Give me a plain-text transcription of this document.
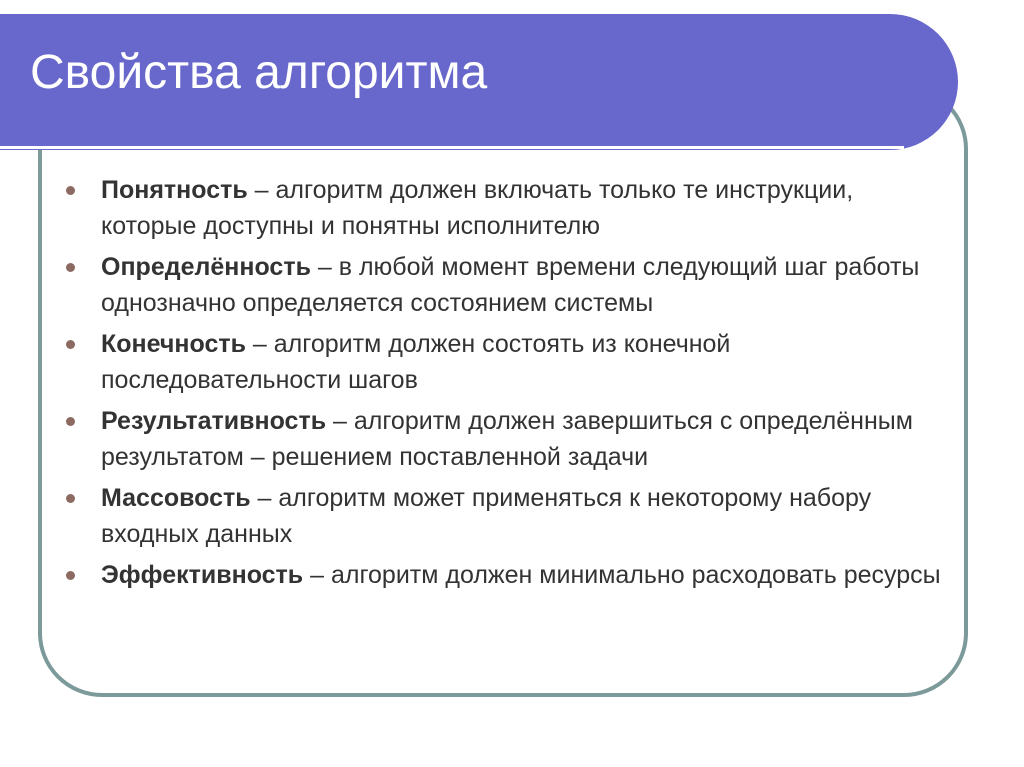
Свойства алгоритма
Понятность – алгоритм должен включать только те инструкции, которые доступны и понятны исполнителю
Определённость – в любой момент времени следующий шаг работы однозначно определяется состоянием системы
Конечность – алгоритм должен состоять из конечной последовательности шагов
Результативность – алгоритм должен завершиться с определённым результатом – решением поставленной задачи
Массовость – алгоритм может применяться к некоторому набору входных данных
Эффективность – алгоритм должен минимально расходовать ресурсы
